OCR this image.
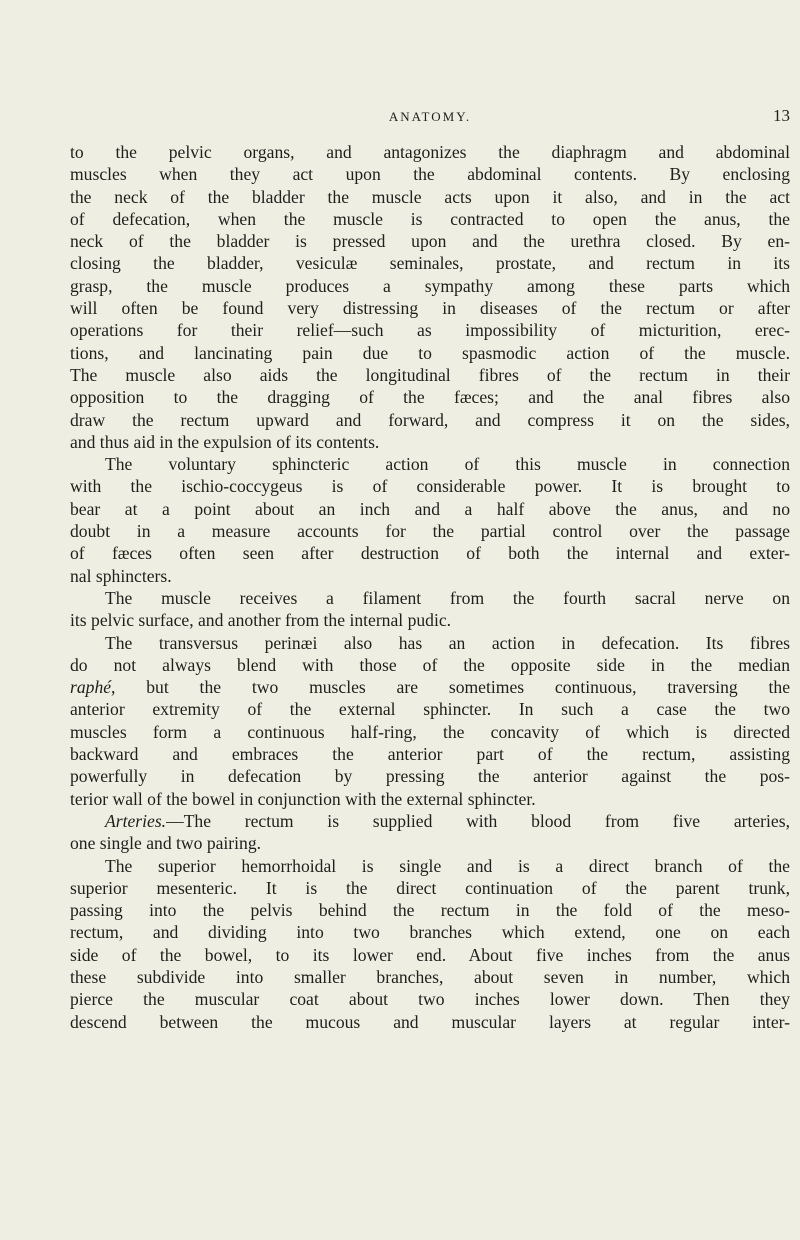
ANATOMY.	13

to the pelvic organs, and antagonizes the diaphragm and abdominal

muscles when they act upon the abdominal contents. By enclosing

the neck of the bladder the muscle acts upon it also, and in the act

of defecation, when the muscle is contracted to open the anus, the

neck of the bladder is pressed upon and the urethra closed. By en-

closing the bladder, vesiculæ seminales, prostate, and rectum in its

grasp, the muscle produces a sympathy among these parts which

will often be found very distressing in diseases of the rectum or after

operations for their relief—such as impossibility of micturition, erec-

tions, and lancinating pain due to spasmodic action of the muscle.

The muscle also aids the longitudinal fibres of the rectum in their

opposition to the dragging of the fæces; and the anal fibres also

draw the rectum upward and forward, and compress it on the sides,

and thus aid in the expulsion of its contents.

The voluntary sphincteric action of this muscle in connection

with the ischio-coccygeus is of considerable power. It is brought to

bear at a point about an inch and a half above the anus, and no

doubt in a measure accounts for the partial control over the passage

of fæces often seen after destruction of both the internal and exter-

nal sphincters.

The muscle receives a filament from the fourth sacral nerve on

its pelvic surface, and another from the internal pudic.

The transversus perinæi also has an action in defecation. Its fibres

do not always blend with those of the opposite side in the median

raphé, but the two muscles are sometimes continuous, traversing the

anterior extremity of the external sphincter. In such a case the two

muscles form a continuous half-ring, the concavity of which is directed

backward and embraces the anterior part of the rectum, assisting

powerfully in defecation by pressing the anterior against the pos-

terior wall of the bowel in conjunction with the external sphincter.

Arteries.—The rectum is supplied with blood from five arteries,

one single and two pairing.

The superior hemorrhoidal is single and is a direct branch of the

superior mesenteric. It is the direct continuation of the parent trunk,

passing into the pelvis behind the rectum in the fold of the meso-

rectum, and dividing into two branches which extend, one on each

side of the bowel, to its lower end. About five inches from the anus

these subdivide into smaller branches, about seven in number, which

pierce the muscular coat about two inches lower down. Then they

descend between the mucous and muscular layers at regular inter-
